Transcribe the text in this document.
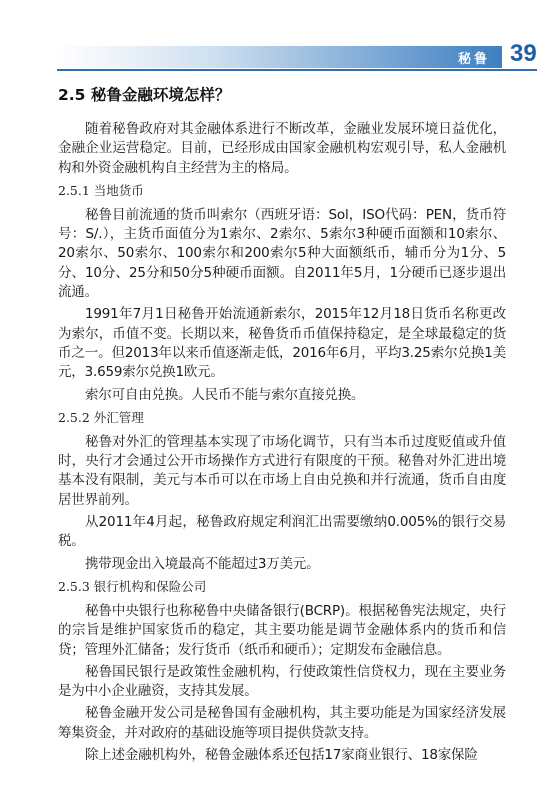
秘鲁 39
2.5 秘鲁金融环境怎样？

随着秘鲁政府对其金融体系进行不断改革，金融业发展环境日益优化，金融企业运营稳定。目前，已经形成由国家金融机构宏观引导，私人金融机构和外资金融机构自主经营为主的格局。

2.5.1 当地货币

秘鲁目前流通的货币叫索尔（西班牙语：Sol，ISO代码：PEN，货币符号：S/.），主货币面值分为1索尔、2索尔、5索尔3种硬币面额和10索尔、20索尔、50索尔、100索尔和200索尔5种大面额纸币，辅币分为1分、5分、10分、25分和50分5种硬币面额。自2011年5月，1分硬币已逐步退出流通。

1991年7月1日秘鲁开始流通新索尔，2015年12月18日货币名称更改为索尔，币值不变。长期以来，秘鲁货币币值保持稳定，是全球最稳定的货币之一。但2013年以来币值逐渐走低，2016年6月，平均3.25索尔兑换1美元，3.659索尔兑换1欧元。

索尔可自由兑换。人民币不能与索尔直接兑换。

2.5.2 外汇管理

秘鲁对外汇的管理基本实现了市场化调节，只有当本币过度贬值或升值时，央行才会通过公开市场操作方式进行有限度的干预。秘鲁对外汇进出境基本没有限制，美元与本币可以在市场上自由兑换和并行流通，货币自由度居世界前列。

从2011年4月起，秘鲁政府规定利润汇出需要缴纳0.005%的银行交易税。

携带现金出入境最高不能超过3万美元。

2.5.3 银行机构和保险公司

秘鲁中央银行也称秘鲁中央储备银行(BCRP)。根据秘鲁宪法规定，央行的宗旨是维护国家货币的稳定，其主要功能是调节金融体系内的货币和信贷；管理外汇储备；发行货币（纸币和硬币）；定期发布金融信息。

秘鲁国民银行是政策性金融机构，行使政策性信贷权力，现在主要业务是为中小企业融资，支持其发展。

秘鲁金融开发公司是秘鲁国有金融机构，其主要功能是为国家经济发展筹集资金，并对政府的基础设施等项目提供贷款支持。

除上述金融机构外，秘鲁金融体系还包括17家商业银行、18家保险
